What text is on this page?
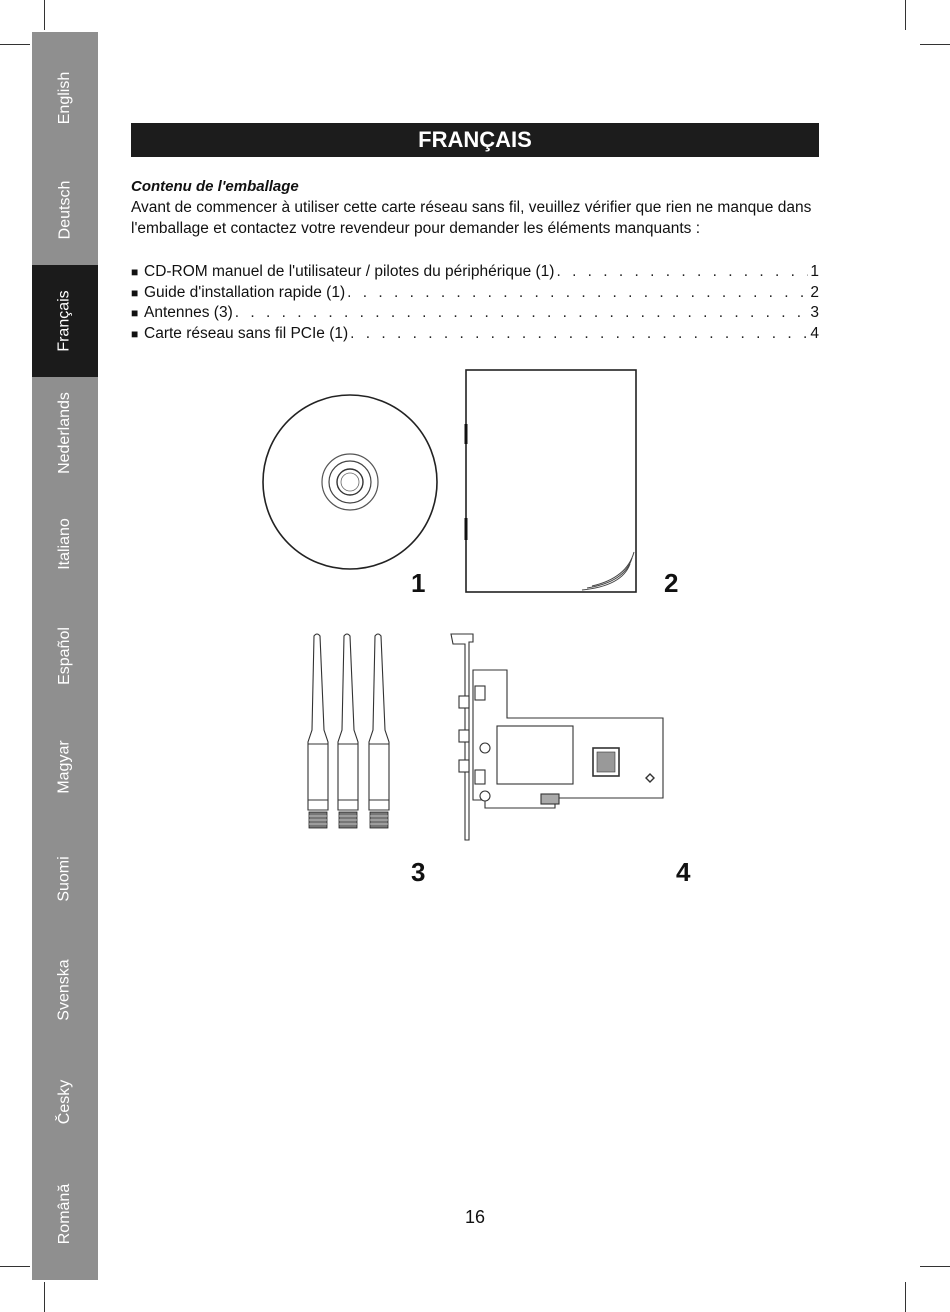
English
Deutsch
Français
Nederlands
Italiano
Español
Magyar
Suomi
Svenska
Česky
Română
FRANÇAIS
Contenu de l'emballage
Avant de commencer à utiliser cette carte réseau sans fil, veuillez vérifier que rien ne manque dans l'emballage et contactez votre revendeur pour demander les éléments manquants :
■ CD-ROM manuel de l'utilisateur / pilotes du périphérique (1) . . .	1
■ Guide d'installation rapide (1) . . .	2
■ Antennes (3) . . .	3
■ Carte réseau sans fil PCIe (1) . . .	4
1	2
3	4
16
